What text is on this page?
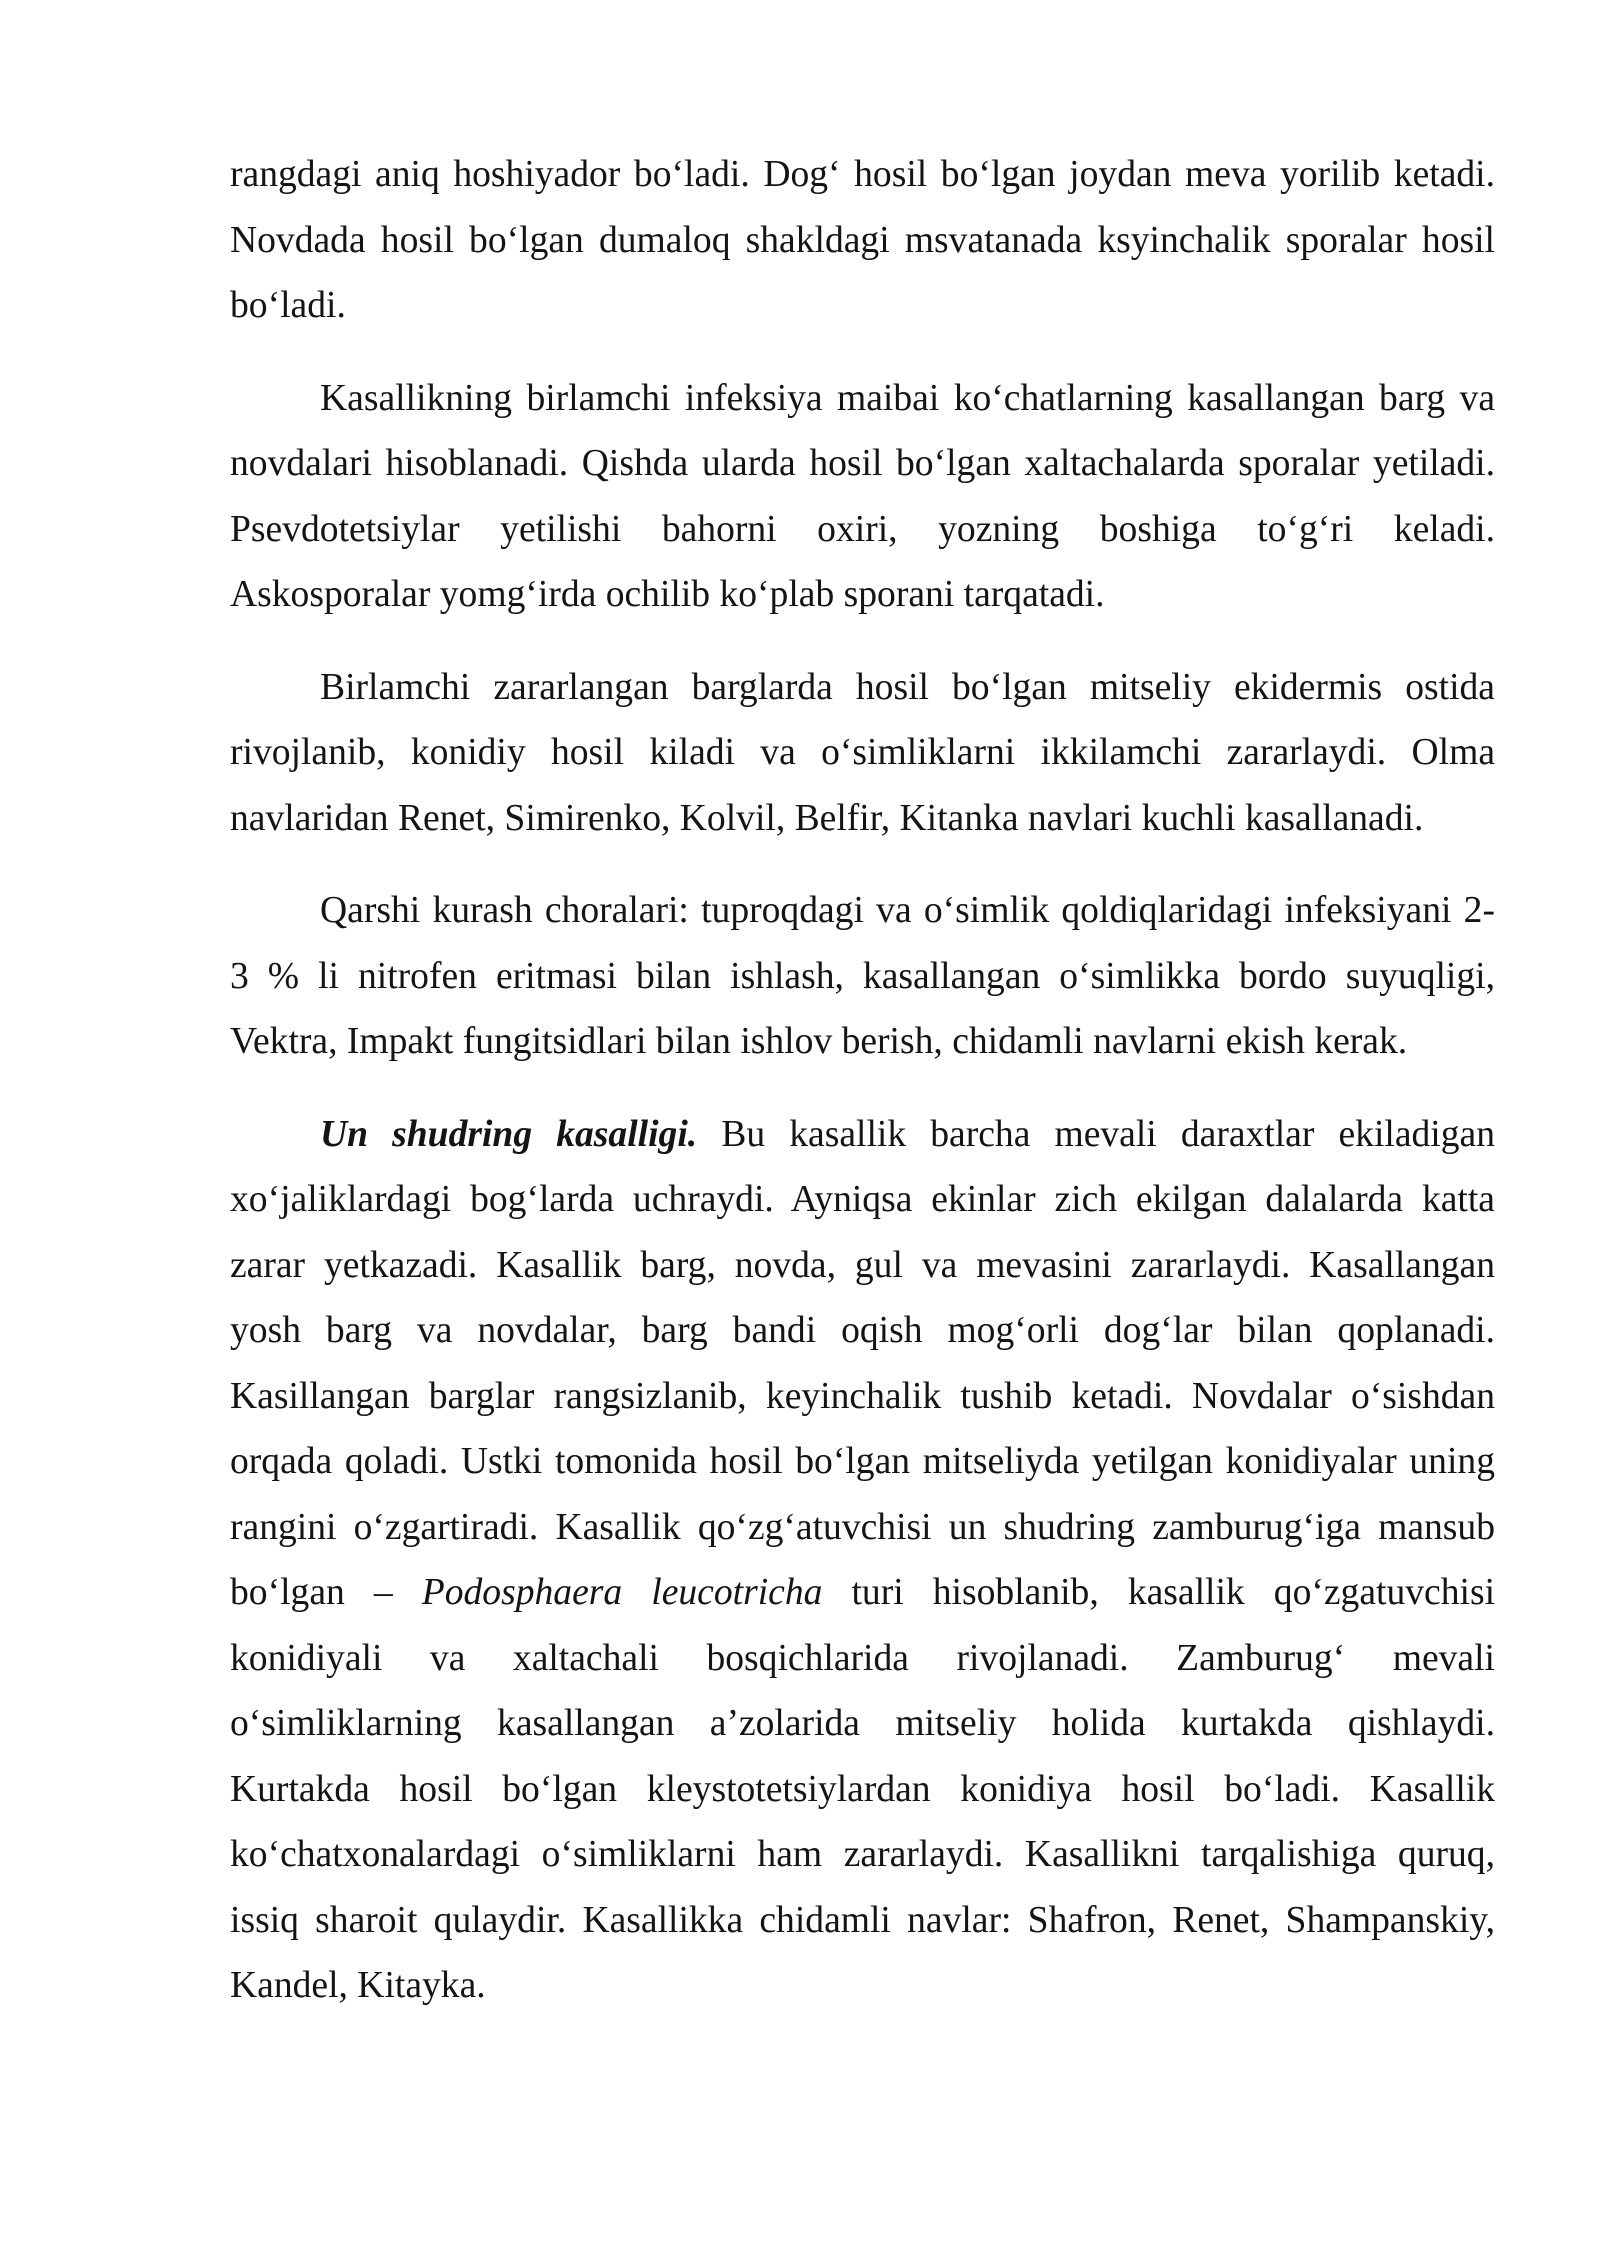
rangdagi aniq hoshiyador bo‘ladi. Dog‘ hosil bo‘lgan joydan meva yorilib ketadi.
Novdada hosil bo‘lgan dumaloq shakldagi msvatanada ksyinchalik sporalar hosil
bo‘ladi.
Kasallikning birlamchi infeksiya maibai ko‘chatlarning kasallangan barg va
novdalari hisoblanadi. Qishda ularda hosil bo‘lgan xaltachalarda sporalar yetiladi.
Psevdotetsiylar yetilishi bahorni oxiri, yozning boshiga to‘g‘ri keladi.
Askosporalar yomg‘irda ochilib ko‘plab sporani tarqatadi.
Birlamchi zararlangan barglarda hosil bo‘lgan mitseliy ekidermis ostida
rivojlanib, konidiy hosil kiladi va o‘simliklarni ikkilamchi zararlaydi. Olma
navlaridan Renet, Simirenko, Kolvil, Belfir, Kitanka navlari kuchli kasallanadi.
Qarshi kurash choralari: tuproqdagi va o‘simlik qoldiqlaridagi infeksiyani 2-
3 % li nitrofen eritmasi bilan ishlash, kasallangan o‘simlikka bordo suyuqligi,
Vektra, Impakt fungitsidlari bilan ishlov berish, chidamli navlarni ekish kerak.
Un shudring kasalligi. Bu kasallik barcha mevali daraxtlar ekiladigan
xo‘jaliklardagi bog‘larda uchraydi. Ayniqsa ekinlar zich ekilgan dalalarda katta
zarar yetkazadi. Kasallik barg, novda, gul va mevasini zararlaydi. Kasallangan
yosh barg va novdalar, barg bandi oqish mog‘orli dog‘lar bilan qoplanadi.
Kasillangan barglar rangsizlanib, keyinchalik tushib ketadi. Novdalar o‘sishdan
orqada qoladi. Ustki tomonida hosil bo‘lgan mitseliyda yetilgan konidiyalar uning
rangini o‘zgartiradi. Kasallik qo‘zg‘atuvchisi un shudring zamburug‘iga mansub
bo‘lgan – Podosphaera leucotricha turi hisoblanib, kasallik qo‘zgatuvchisi
konidiyali va xaltachali bosqichlarida rivojlanadi. Zamburug‘ mevali
o‘simliklarning kasallangan a’zolarida mitseliy holida kurtakda qishlaydi.
Kurtakda hosil bo‘lgan kleystotetsiylardan konidiya hosil bo‘ladi. Kasallik
ko‘chatxonalardagi o‘simliklarni ham zararlaydi. Kasallikni tarqalishiga quruq,
issiq sharoit qulaydir. Kasallikka chidamli navlar: Shafron, Renet, Shampanskiy,
Kandel, Kitayka.
